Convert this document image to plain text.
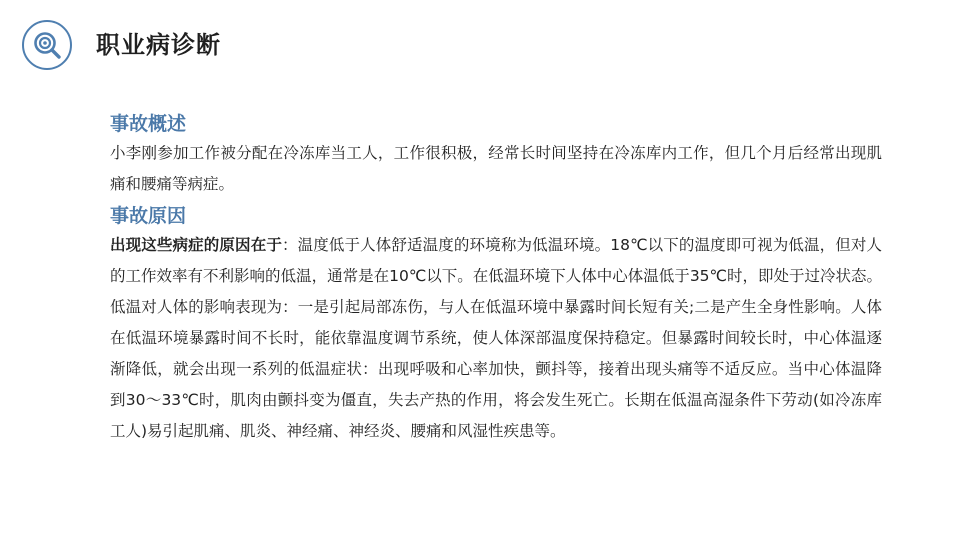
职业病诊断
事故概述

小李刚参加工作被分配在冷冻库当工人，工作很积极，经常长时间坚持在冷冻库内工作，但几个月后经常出现肌痛和腰痛等病症。

事故原因

出现这些病症的原因在于：温度低于人体舒适温度的环境称为低温环境。18℃以下的温度即可视为低温，但对人的工作效率有不利影响的低温，通常是在10℃以下。在低温环境下人体中心体温低于35℃时，即处于过冷状态。低温对人体的影响表现为：一是引起局部冻伤，与人在低温环境中暴露时间长短有关;二是产生全身性影响。人体在低温环境暴露时间不长时，能依靠温度调节系统，使人体深部温度保持稳定。但暴露时间较长时，中心体温逐渐降低，就会出现一系列的低温症状：出现呼吸和心率加快，颤抖等，接着出现头痛等不适反应。当中心体温降到30～33℃时，肌肉由颤抖变为僵直，失去产热的作用，将会发生死亡。长期在低温高湿条件下劳动(如冷冻库工人)易引起肌痛、肌炎、神经痛、神经炎、腰痛和风湿性疾患等。
